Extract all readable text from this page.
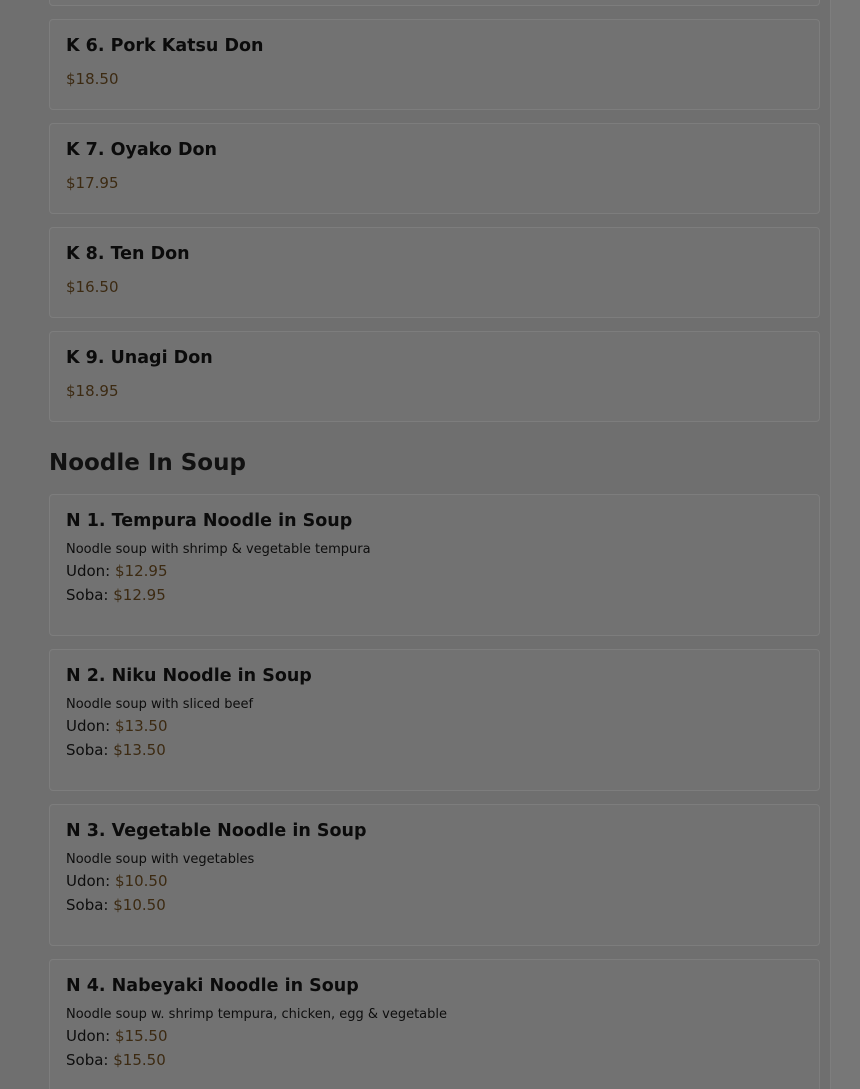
K 6. Pork Katsu Don
$18.50
K 7. Oyako Don
$17.95
K 8. Ten Don
$16.50
K 9. Unagi Don
$18.95
Noodle In Soup
N 1. Tempura Noodle in Soup
Noodle soup with shrimp & vegetable tempura
Udon: $12.95
Soba: $12.95
N 2. Niku Noodle in Soup
Noodle soup with sliced beef
Udon: $13.50
Soba: $13.50
N 3. Vegetable Noodle in Soup
Noodle soup with vegetables
Udon: $10.50
Soba: $10.50
N 4. Nabeyaki Noodle in Soup
Noodle soup w. shrimp tempura, chicken, egg & vegetable
Udon: $15.50
Soba: $15.50
